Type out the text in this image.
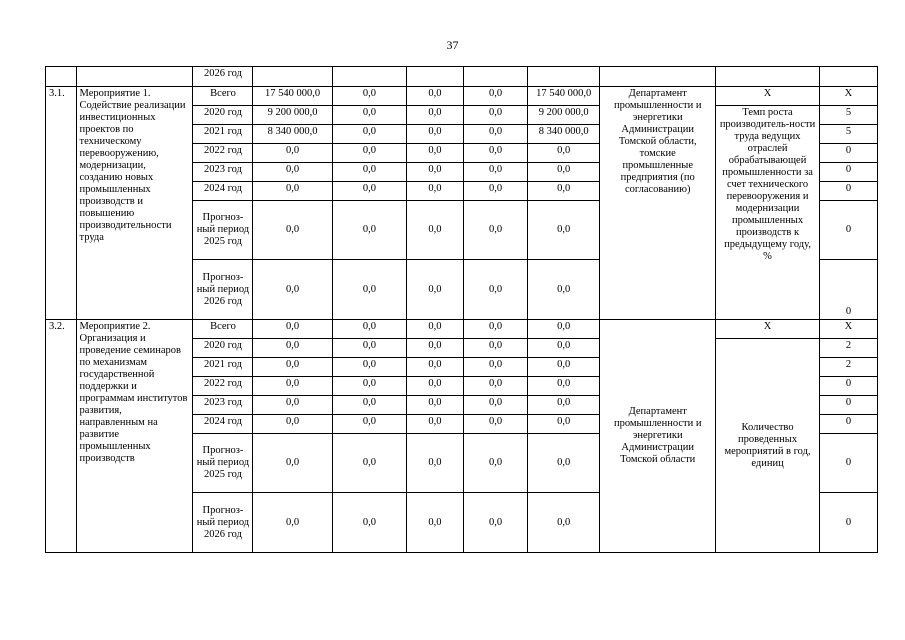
37
		2026 год								
3.1.	Мероприятие 1. Содействие реализации инвестиционных проектов по техническому перевооружению, модернизации, созданию новых промышленных производств и повышению производительности труда	Всего	17 540 000,0	0,0	0,0	0,0	17 540 000,0	Департамент промышленности и энергетики Администрации Томской области, томские промышленные предприятия (по согласованию)	X	X
		2020 год	9 200 000,0	0,0	0,0	0,0	9 200 000,0		Темп роста производитель-ности труда ведущих отраслей обрабатывающей промышленности за счет технического перевооружения и модернизации промышленных производств к предыдущему году, %	5
		2021 год	8 340 000,0	0,0	0,0	0,0	8 340 000,0			5
		2022 год	0,0	0,0	0,0	0,0	0,0			0
		2023 год	0,0	0,0	0,0	0,0	0,0			0
		2024 год	0,0	0,0	0,0	0,0	0,0			0
		Прогноз-ный период 2025 год	0,0	0,0	0,0	0,0	0,0			0
		Прогноз-ный период 2026 год	0,0	0,0	0,0	0,0	0,0			0
3.2.	Мероприятие 2. Организация и проведение семинаров по механизмам государственной поддержки и программам институтов развития, направленным на развитие промышленных производств	Всего	0,0	0,0	0,0	0,0	0,0	Департамент промышленности и энергетики Администрации Томской области	X	X
		2020 год	0,0	0,0	0,0	0,0	0,0		Количество проведенных мероприятий в год, единиц	2
		2021 год	0,0	0,0	0,0	0,0	0,0			2
		2022 год	0,0	0,0	0,0	0,0	0,0			0
		2023 год	0,0	0,0	0,0	0,0	0,0			0
		2024 год	0,0	0,0	0,0	0,0	0,0			0
		Прогноз-ный период 2025 год	0,0	0,0	0,0	0,0	0,0			0
		Прогноз-ный период 2026 год	0,0	0,0	0,0	0,0	0,0			0
